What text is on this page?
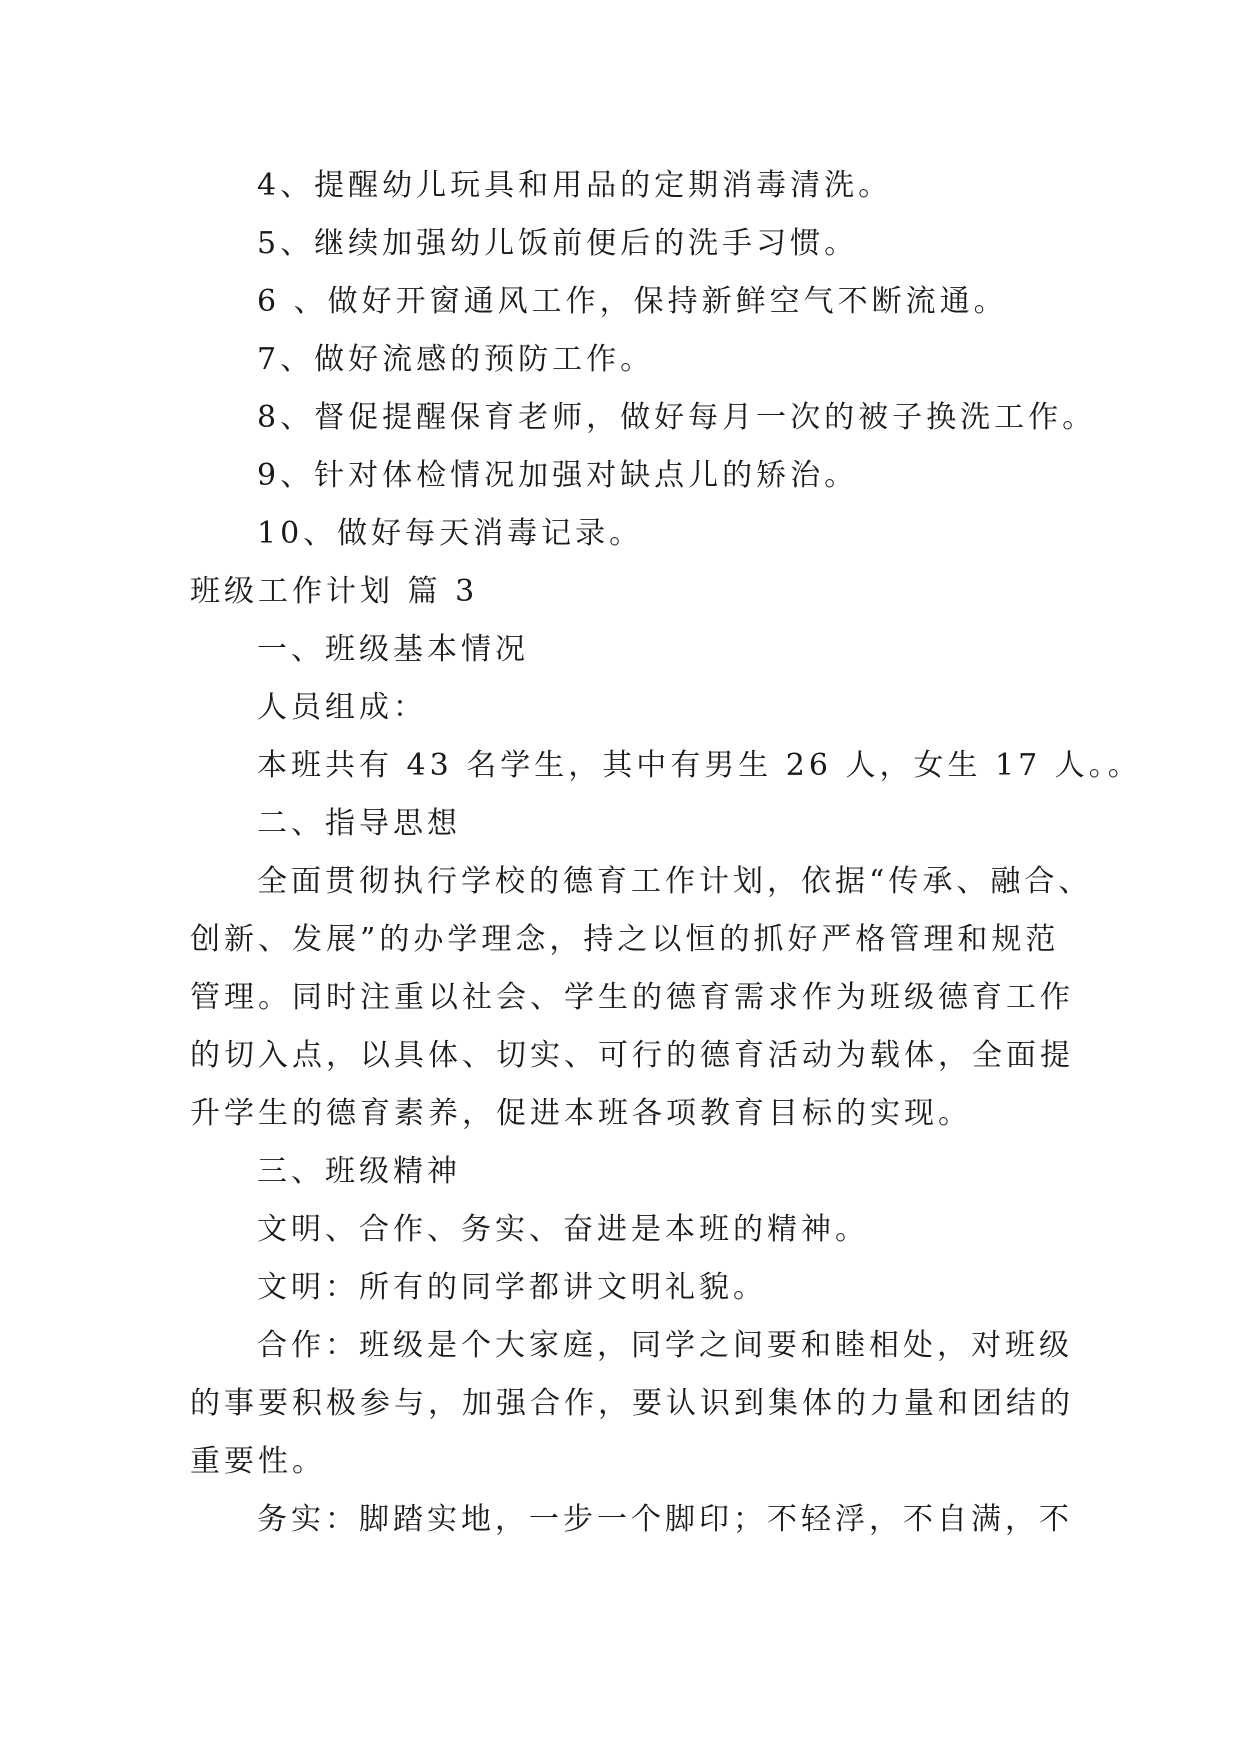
4、提醒幼儿玩具和用品的定期消毒清洗。
5、继续加强幼儿饭前便后的洗手习惯。
6 、做好开窗通风工作，保持新鲜空气不断流通。
7、做好流感的预防工作。
8、督促提醒保育老师，做好每月一次的被子换洗工作。
9、针对体检情况加强对缺点儿的矫治。
10、做好每天消毒记录。
班级工作计划 篇 3
一、班级基本情况
人员组成：
本班共有 43 名学生，其中有男生 26 人，女生 17 人。。
二、指导思想
全面贯彻执行学校的德育工作计划，依据“传承、融合、
创新、发展”的办学理念，持之以恒的抓好严格管理和规范
管理。同时注重以社会、学生的德育需求作为班级德育工作
的切入点，以具体、切实、可行的德育活动为载体，全面提
升学生的德育素养，促进本班各项教育目标的实现。
三、班级精神
文明、合作、务实、奋进是本班的精神。
文明：所有的同学都讲文明礼貌。
合作：班级是个大家庭，同学之间要和睦相处，对班级
的事要积极参与，加强合作，要认识到集体的力量和团结的
重要性。
务实：脚踏实地，一步一个脚印；不轻浮，不自满，不
